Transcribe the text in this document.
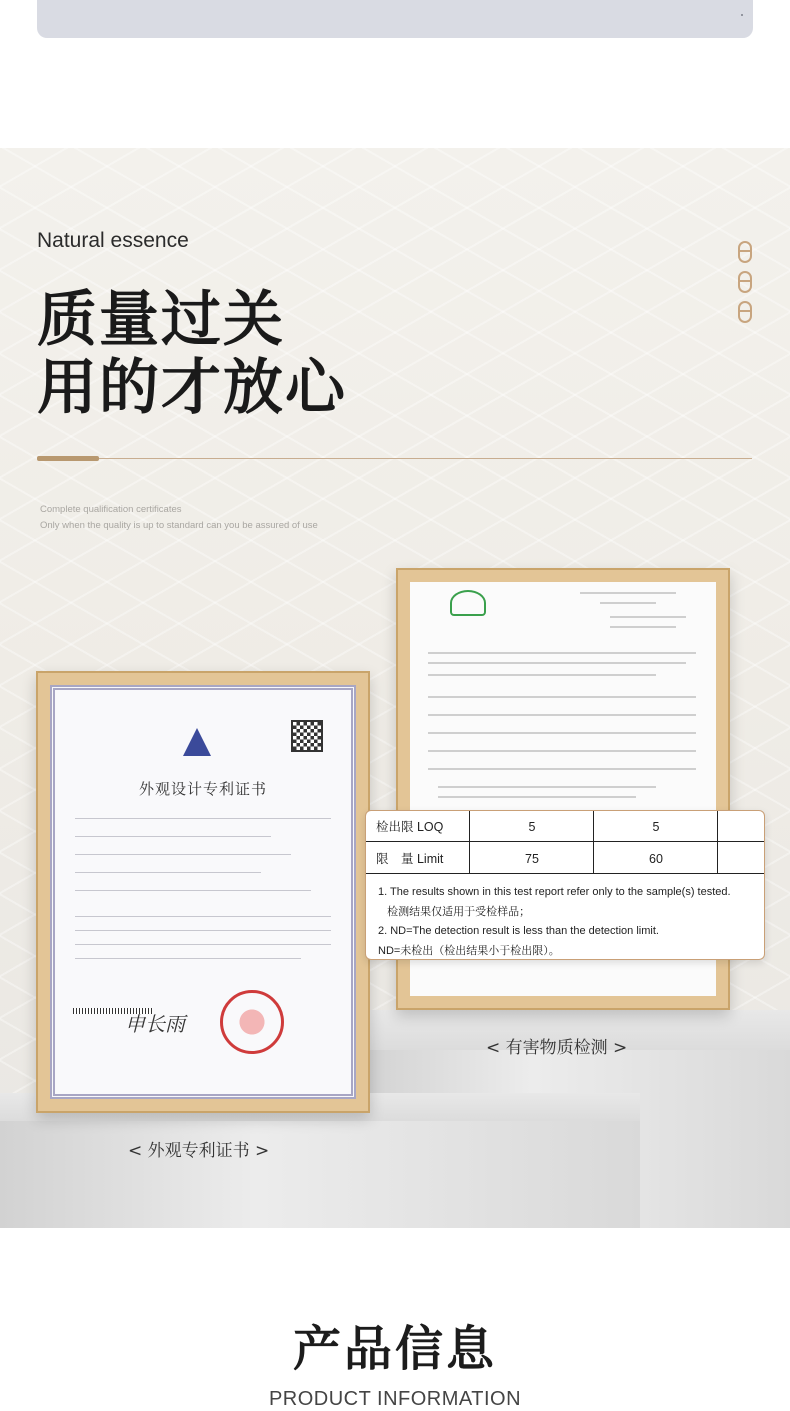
Natural essence
质量过关
用的才放心
Complete qualification certificates
Only when the quality is up to standard can you be assured of use
外观设计专利证书
申长雨
检出限 LOQ	5	5
限　量 Limit	75	60
1. The results shown in this test report refer only to the sample(s) tested.
检测结果仅适用于受检样品；
2. ND=The detection result is less than the detection limit.
ND=未检出（检出结果小于检出限）。
< 有害物质检测 >
< 外观专利证书 >
产品信息
PRODUCT INFORMATION
